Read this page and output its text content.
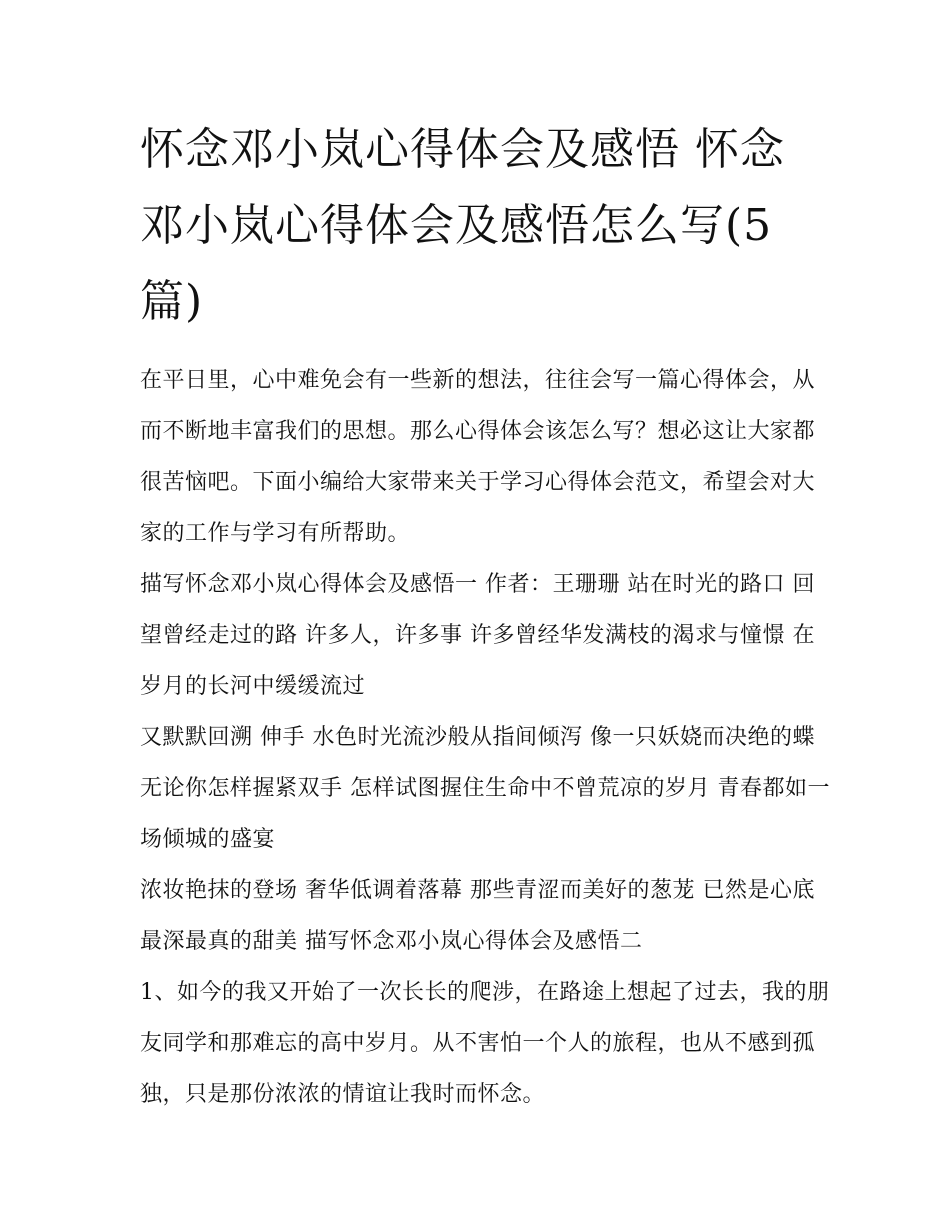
怀念邓小岚心得体会及感悟 怀念邓小岚心得体会及感悟怎么写(5篇)

在平日里，心中难免会有一些新的想法，往往会写一篇心得体会，从而不断地丰富我们的思想。那么心得体会该怎么写？想必这让大家都很苦恼吧。下面小编给大家带来关于学习心得体会范文，希望会对大家的工作与学习有所帮助。

描写怀念邓小岚心得体会及感悟一 作者：王珊珊 站在时光的路口 回望曾经走过的路 许多人，许多事 许多曾经华发满枝的渴求与憧憬 在岁月的长河中缓缓流过

又默默回溯 伸手 水色时光流沙般从指间倾泻 像一只妖娆而决绝的蝶 无论你怎样握紧双手 怎样试图握住生命中不曾荒凉的岁月 青春都如一场倾城的盛宴

浓妆艳抹的登场 奢华低调着落幕 那些青涩而美好的葱茏 已然是心底最深最真的甜美 描写怀念邓小岚心得体会及感悟二

1、如今的我又开始了一次长长的爬涉，在路途上想起了过去，我的朋友同学和那难忘的高中岁月。从不害怕一个人的旅程，也从不感到孤独，只是那份浓浓的情谊让我时而怀念。
